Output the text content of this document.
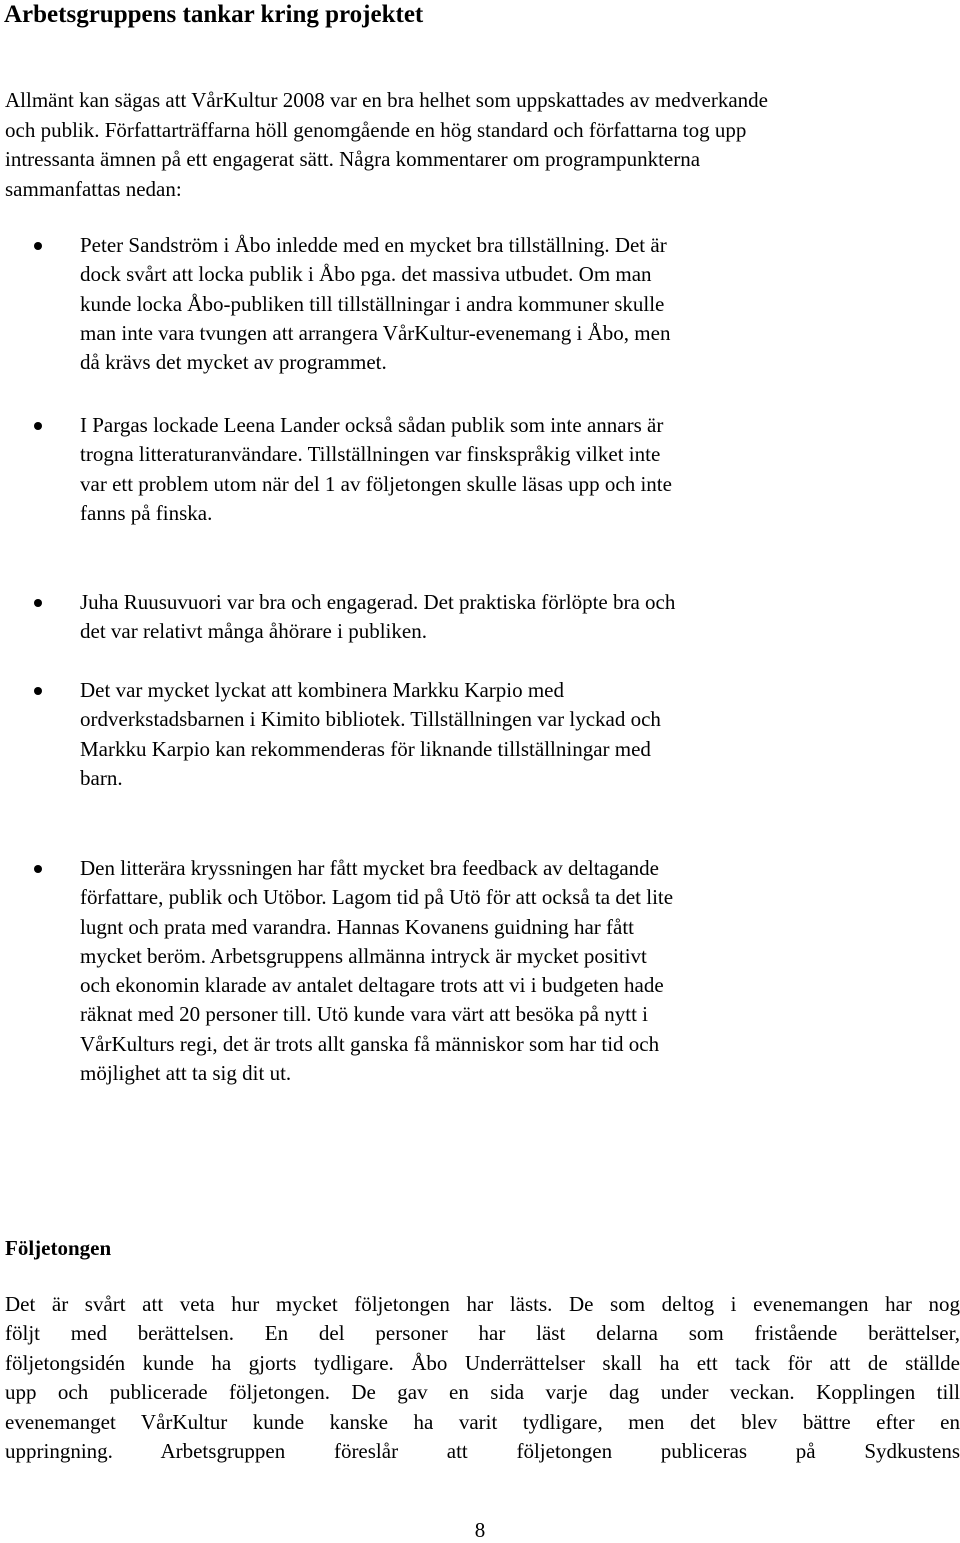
Arbetsgruppens tankar kring projektet

Allmänt kan sägas att VårKultur 2008 var en bra helhet som uppskattades av medverkande
och publik. Författarträffarna höll genomgående en hög standard och författarna tog upp
intressanta ämnen på ett engagerat sätt. Några kommentarer om programpunkterna
sammanfattas nedan:

Peter Sandström i Åbo inledde med en mycket bra tillställning. Det är
dock svårt att locka publik i Åbo pga. det massiva utbudet. Om man
kunde locka Åbo-publiken till tillställningar i andra kommuner skulle
man inte vara tvungen att arrangera VårKultur-evenemang i Åbo, men
då krävs det mycket av programmet.

I Pargas lockade Leena Lander också sådan publik som inte annars är
trogna litteraturanvändare. Tillställningen var finskspråkig vilket inte
var ett problem utom när del 1 av följetongen skulle läsas upp och inte
fanns på finska.

Juha Ruusuvuori var bra och engagerad. Det praktiska förlöpte bra och
det var relativt många åhörare i publiken.

Det var mycket lyckat att kombinera Markku Karpio med
ordverkstadsbarnen i Kimito bibliotek. Tillställningen var lyckad och
Markku Karpio kan rekommenderas för liknande tillställningar med
barn.

Den litterära kryssningen har fått mycket bra feedback av deltagande
författare, publik och Utöbor. Lagom tid på Utö för att också ta det lite
lugnt och prata med varandra. Hannas Kovanens guidning har fått
mycket beröm. Arbetsgruppens allmänna intryck är mycket positivt
och ekonomin klarade av antalet deltagare trots att vi i budgeten hade
räknat med 20 personer till. Utö kunde vara värt att besöka på nytt i
VårKulturs regi, det är trots allt ganska få människor som har tid och
möjlighet att ta sig dit ut.

Följetongen

Det är svårt att veta hur mycket följetongen har lästs. De som deltog i evenemangen har nog
följt med berättelsen. En del personer har läst delarna som fristående berättelser,
följetongsidén kunde ha gjorts tydligare. Åbo Underrättelser skall ha ett tack för att de ställde
upp och publicerade följetongen. De gav en sida varje dag under veckan. Kopplingen till
evenemanget VårKultur kunde kanske ha varit tydligare, men det blev bättre efter en
uppringning. Arbetsgruppen föreslår att följetongen publiceras på Sydkustens

8
